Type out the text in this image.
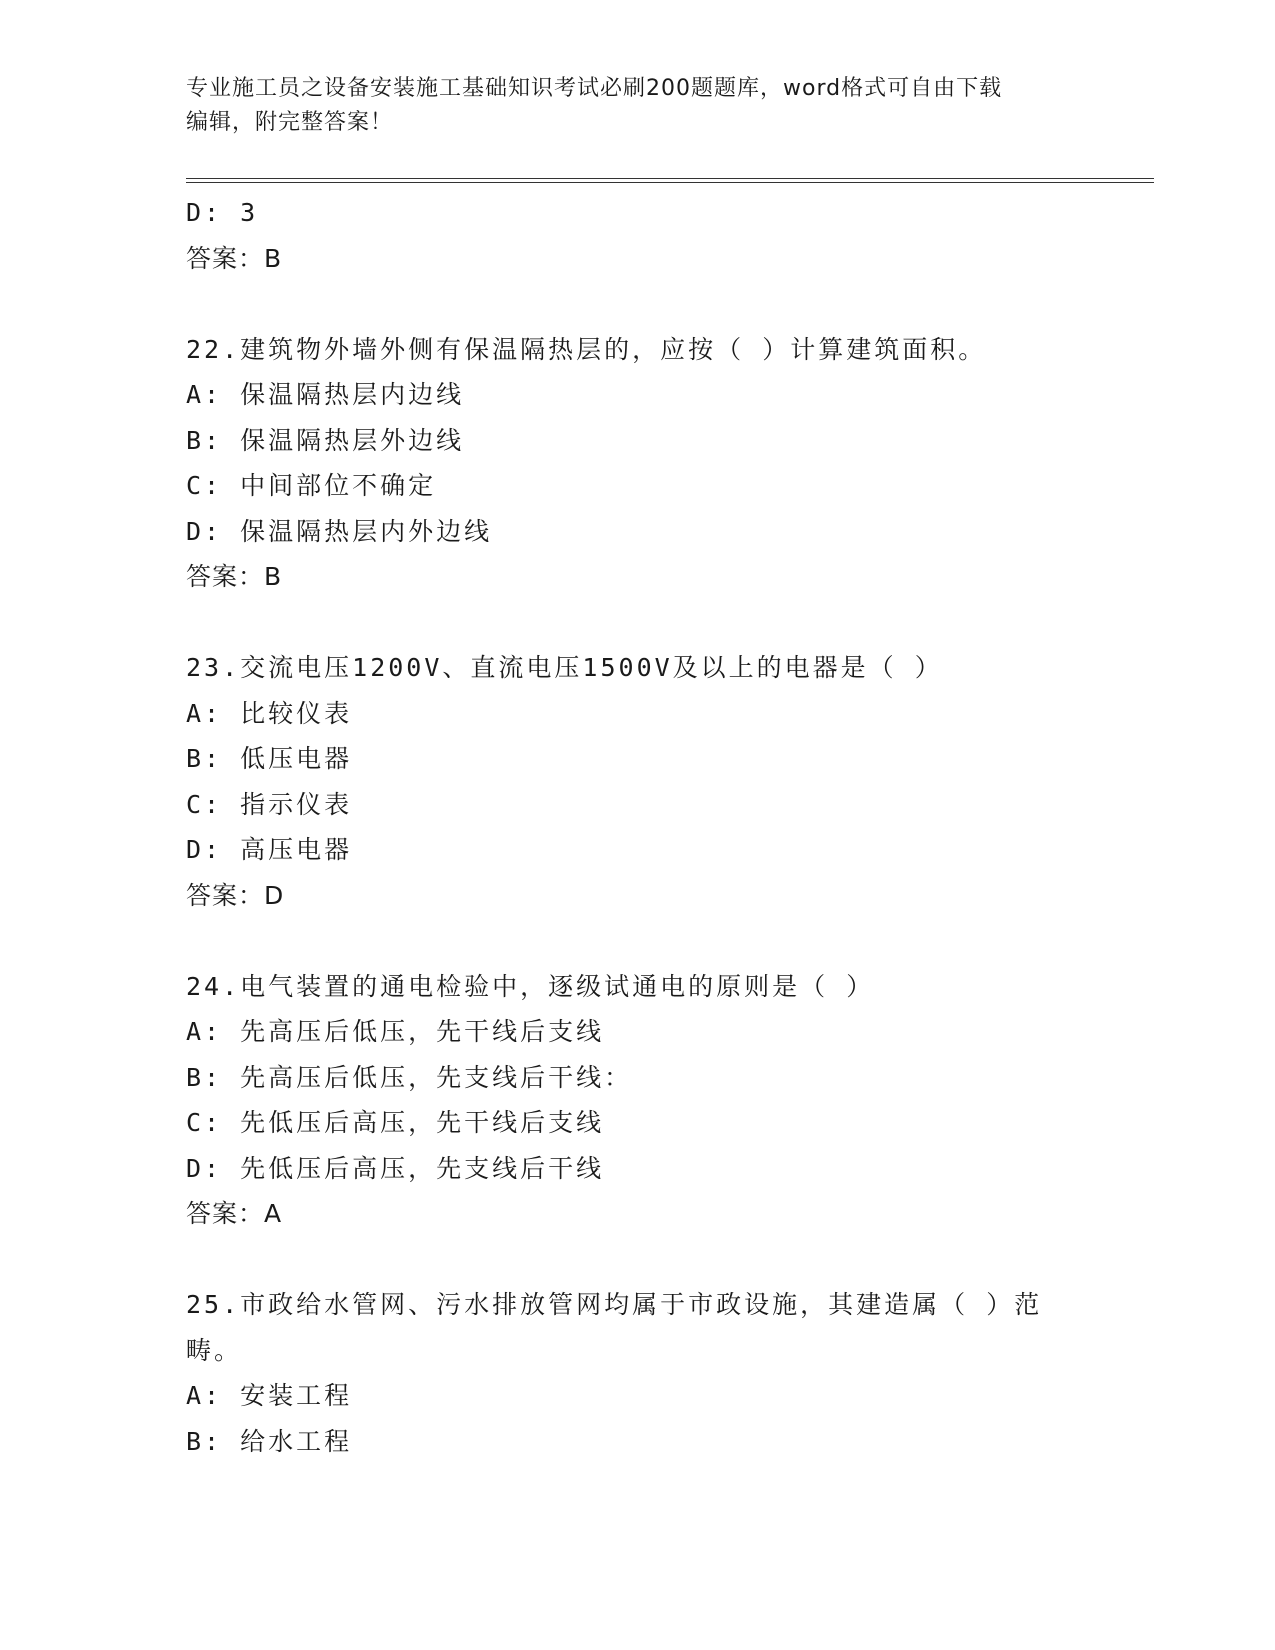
专业施工员之设备安装施工基础知识考试必刷200题题库，word格式可自由下载
编辑，附完整答案！
D: 3
答案：B
22.建筑物外墙外侧有保温隔热层的，应按（ ）计算建筑面积。
A: 保温隔热层内边线
B: 保温隔热层外边线
C: 中间部位不确定
D: 保温隔热层内外边线
答案：B
23.交流电压1200V、直流电压1500V及以上的电器是（ ）
A: 比较仪表
B: 低压电器
C: 指示仪表
D: 高压电器
答案：D
24.电气装置的通电检验中，逐级试通电的原则是（ ）
A: 先高压后低压，先干线后支线
B: 先高压后低压，先支线后干线：
C: 先低压后高压，先干线后支线
D: 先低压后高压，先支线后干线
答案：A
25.市政给水管网、污水排放管网均属于市政设施，其建造属（ ）范
畴。
A: 安装工程
B: 给水工程
